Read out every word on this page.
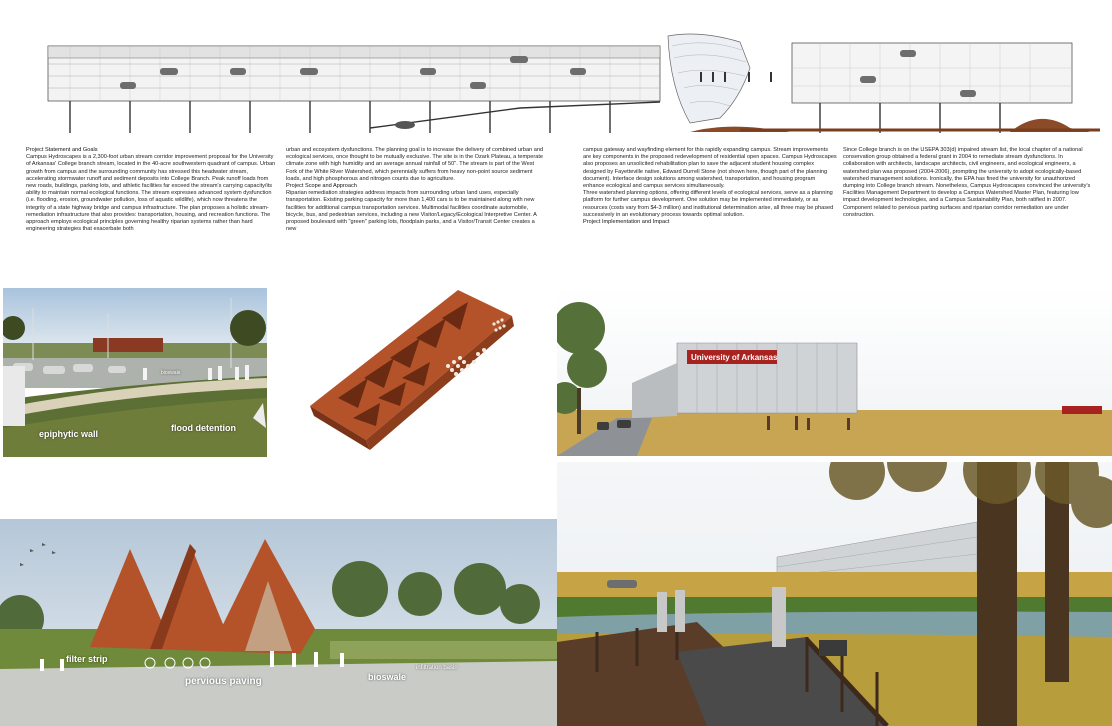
Project Statement and Goals

Campus Hydroscapes is a 2,300-foot urban stream corridor improvement proposal for the University of Arkansas' College branch stream, located in the 40-acre southwestern quadrant of campus. Urban growth from campus and the surrounding community has stressed this headwater stream, accelerating stormwater runoff and sediment deposits into College Branch. Peak runoff loads from new roads, buildings, parking lots, and athletic facilities far exceed the stream's carrying capacity/its ability to maintain normal ecological functions. The stream expresses advanced system dysfunction (i.e. flooding, erosion, groundwater pollution, loss of aquatic wildlife), which now threatens the integrity of a state highway bridge and campus infrastructure. The plan proposes a holistic stream-remediation infrastructure that also provides: transportation, housing, and recreation functions. The approach employs ecological principles governing healthy riparian systems rather than hard engineering strategies that exacerbate both

urban and ecosystem dysfunctions. The planning goal is to increase the delivery of combined urban and ecological services, once thought to be mutually exclusive. The site is in the Ozark Plateau, a temperate climate zone with high humidity and an average annual rainfall of 50". The stream is part of the West Fork of the White River Watershed, which perennially suffers from heavy non-point source sediment loads, and high phosphorous and nitrogen counts due to agriculture.

Project Scope and Approach

Riparian remediation strategies address impacts from surrounding urban land uses, especially transportation. Existing parking capacity for more than 1,400 cars is to be maintained along with new facilities for additional campus transportation services. Multimodal facilities coordinate automobile, bicycle, bus, and pedestrian services, including a new Visitor/Legacy/Ecological Interpretive Center. A proposed boulevard with "green" parking lots, floodplain parks, and a Visitor/Transit Center creates a new

campus gateway and wayfinding element for this rapidly expanding campus. Stream improvements are key components in the proposed redevelopment of residential open spaces. Campus Hydroscapes also proposes an unsolicited rehabilitation plan to save the adjacent student housing complex designed by Fayetteville native, Edward Durrell Stone (not shown here, though part of the planning document). Interface design solutions among watershed, transportation, and housing program enhance ecological and campus services simultaneously.

Three watershed planning options, offering different levels of ecological services, serve as a planning platform for further campus development. One solution may be implemented immediately, or as resources (costs vary from $4-3 million) and institutional determination arise, all three may be phased successively in an evolutionary process towards optimal solution.

Project Implementation and Impact

Since College branch is on the USEPA 303(d) impaired stream list, the local chapter of a national conservation group obtained a federal grant in 2004 to remediate stream dysfunctions. In collaboration with architects, landscape architects, civil engineers, and ecological engineers, a watershed plan was proposed (2004-2006), prompting the university to adopt ecologically-based watershed management solutions. Ironically, the EPA has fined the university for unauthorized dumping into College branch stream. Nonetheless, Campus Hydroscapes convinced the university's Facilities Management Department to develop a Campus Watershed Master Plan, featuring low impact development technologies, and a Campus Sustainability Plan, both ratified in 2007. Component related to pervious parting surfaces and riparian corridor remediation are under construction.

epiphytic wall
flood detention
bioswale
University of Arkansas
filter strip
pervious paving	bioswale
infiltration basin
